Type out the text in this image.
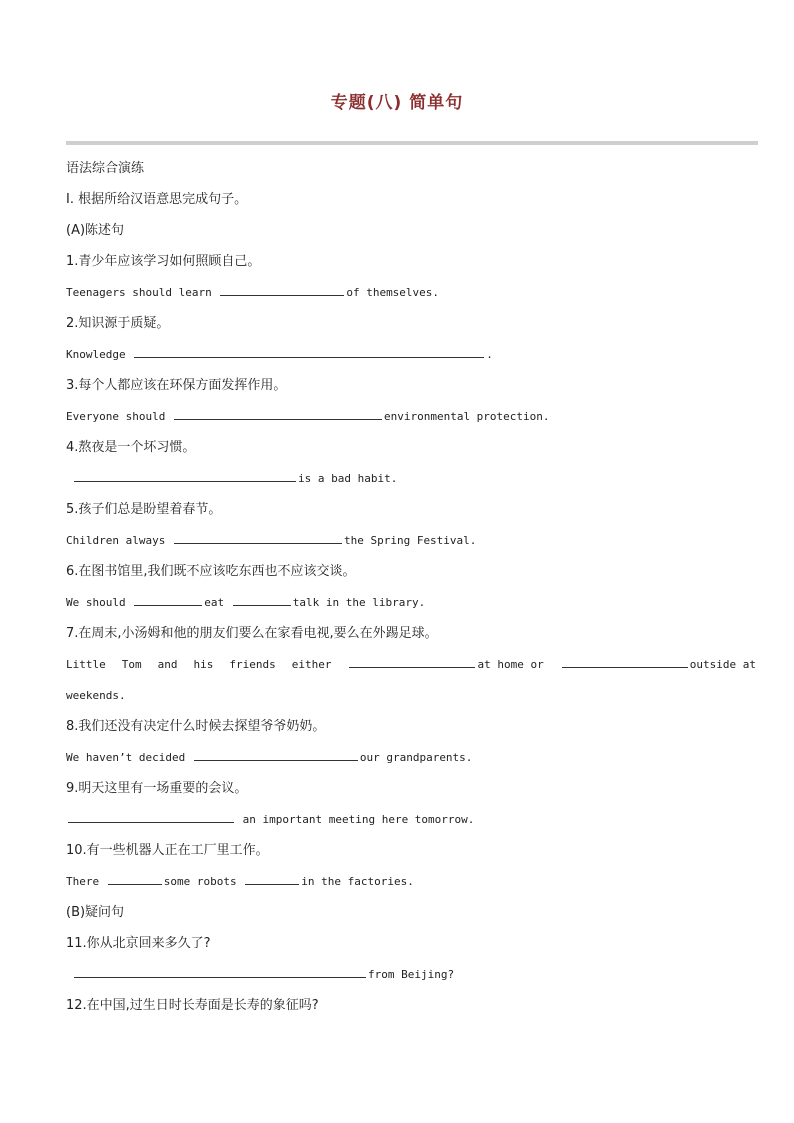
专题(八) 简单句
语法综合演练
Ⅰ. 根据所给汉语意思完成句子。
(A)陈述句
1.青少年应该学习如何照顾自己。
Teenagers should learn	of themselves.
2.知识源于质疑。
Knowledge	.
3.每个人都应该在环保方面发挥作用。
Everyone should	environmental protection.
4.熬夜是一个坏习惯。
is a bad habit.
5.孩子们总是盼望着春节。
Children always	the Spring Festival.
6.在图书馆里,我们既不应该吃东西也不应该交谈。
We should	eat	talk in the library.
7.在周末,小汤姆和他的朋友们要么在家看电视,要么在外踢足球。
Little Tom and his friends either	at home or	outside at
weekends.
8.我们还没有决定什么时候去探望爷爷奶奶。
We haven’t decided	our grandparents.
9.明天这里有一场重要的会议。
an important meeting here tomorrow.
10.有一些机器人正在工厂里工作。
There	some robots	in the factories.
(B)疑问句
11.你从北京回来多久了?
from Beijing?
12.在中国,过生日时长寿面是长寿的象征吗?
